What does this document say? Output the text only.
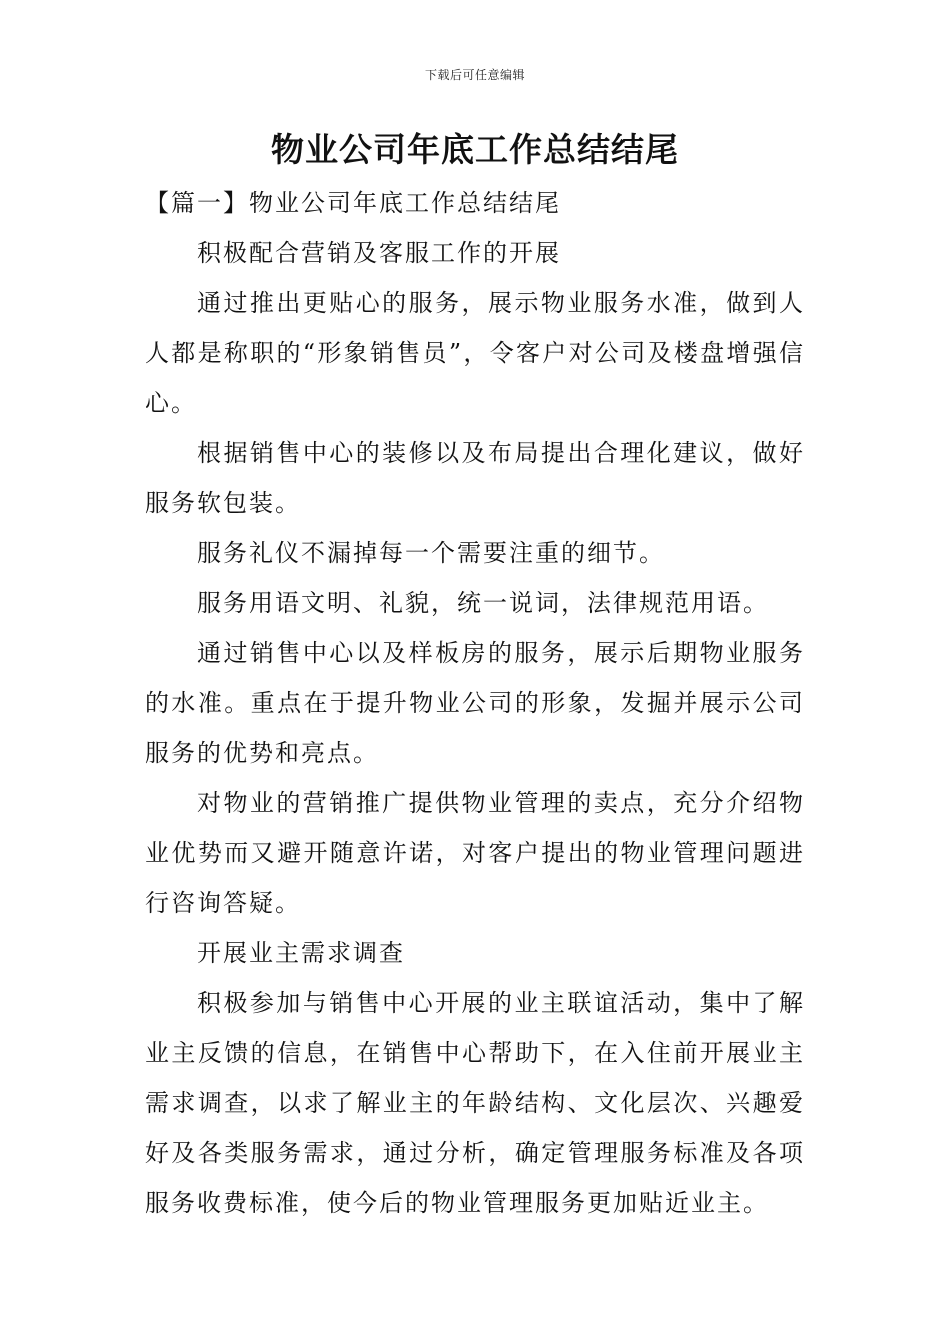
下载后可任意编辑
物业公司年底工作总结结尾

【篇一】物业公司年底工作总结结尾

积极配合营销及客服工作的开展

通过推出更贴心的服务，展示物业服务水准，做到人人都是称职的“形象销售员”，令客户对公司及楼盘增强信心。

根据销售中心的装修以及布局提出合理化建议，做好服务软包装。

服务礼仪不漏掉每一个需要注重的细节。

服务用语文明、礼貌，统一说词，法律规范用语。

通过销售中心以及样板房的服务，展示后期物业服务的水准。重点在于提升物业公司的形象，发掘并展示公司服务的优势和亮点。

对物业的营销推广提供物业管理的卖点，充分介绍物业优势而又避开随意许诺，对客户提出的物业管理问题进行咨询答疑。

开展业主需求调查

积极参加与销售中心开展的业主联谊活动，集中了解业主反馈的信息，在销售中心帮助下，在入住前开展业主需求调查，以求了解业主的年龄结构、文化层次、兴趣爱好及各类服务需求，通过分析，确定管理服务标准及各项服务收费标准，使今后的物业管理服务更加贴近业主。
